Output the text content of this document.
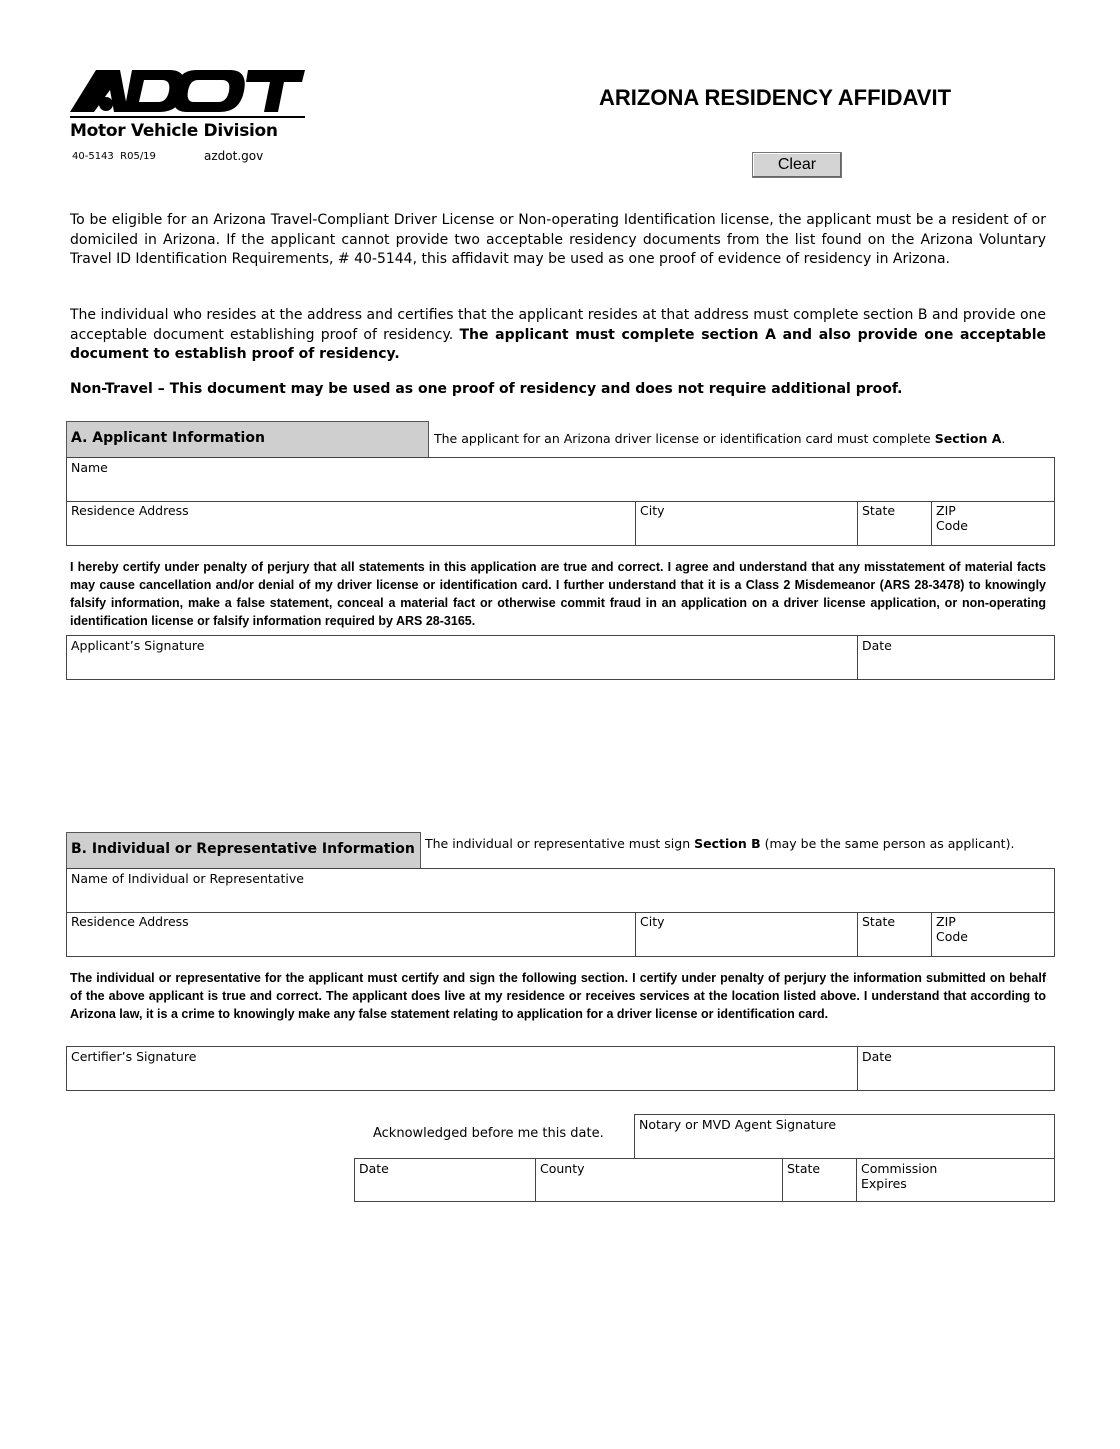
Motor Vehicle Division
40-5143  R05/19	azdot.gov
ARIZONA RESIDENCY AFFIDAVIT
Clear
To be eligible for an Arizona Travel-Compliant Driver License or Non-operating Identification license, the applicant must be a resident of or domiciled in Arizona. If the applicant cannot provide two acceptable residency documents from the list found on the Arizona Voluntary Travel ID Identification Requirements, # 40-5144, this affidavit may be used as one proof of evidence of residency in Arizona.
The individual who resides at the address and certifies that the applicant resides at that address must complete section B and provide one acceptable document establishing proof of residency. The applicant must complete section A and also provide one acceptable document to establish proof of residency.
Non-Travel – This document may be used as one proof of residency and does not require additional proof.
A. Applicant Information	The applicant for an Arizona driver license or identification card must complete Section A.
Name
Residence Address	City	State	ZIP Code
I hereby certify under penalty of perjury that all statements in this application are true and correct. I agree and understand that any misstatement of material facts may cause cancellation and/or denial of my driver license or identification card. I further understand that it is a Class 2 Misdemeanor (ARS 28-3478) to knowingly falsify information, make a false statement, conceal a material fact or otherwise commit fraud in an application on a driver license application, or non-operating identification license or falsify information required by ARS 28-3165.
Applicant’s Signature	Date
B. Individual or Representative Information The individual or representative must sign Section B (may be the same person as applicant).
Name of Individual or Representative
Residence Address	City	State	ZIP Code
The individual or representative for the applicant must certify and sign the following section. I certify under penalty of perjury the information submitted on behalf of the above applicant is true and correct. The applicant does live at my residence or receives services at the location listed above. I understand that according to Arizona law, it is a crime to knowingly make any false statement relating to application for a driver license or identification card.
Certifier’s Signature	Date
Acknowledged before me this date.
Notary or MVD Agent Signature
Date	County	State	Commission Expires
